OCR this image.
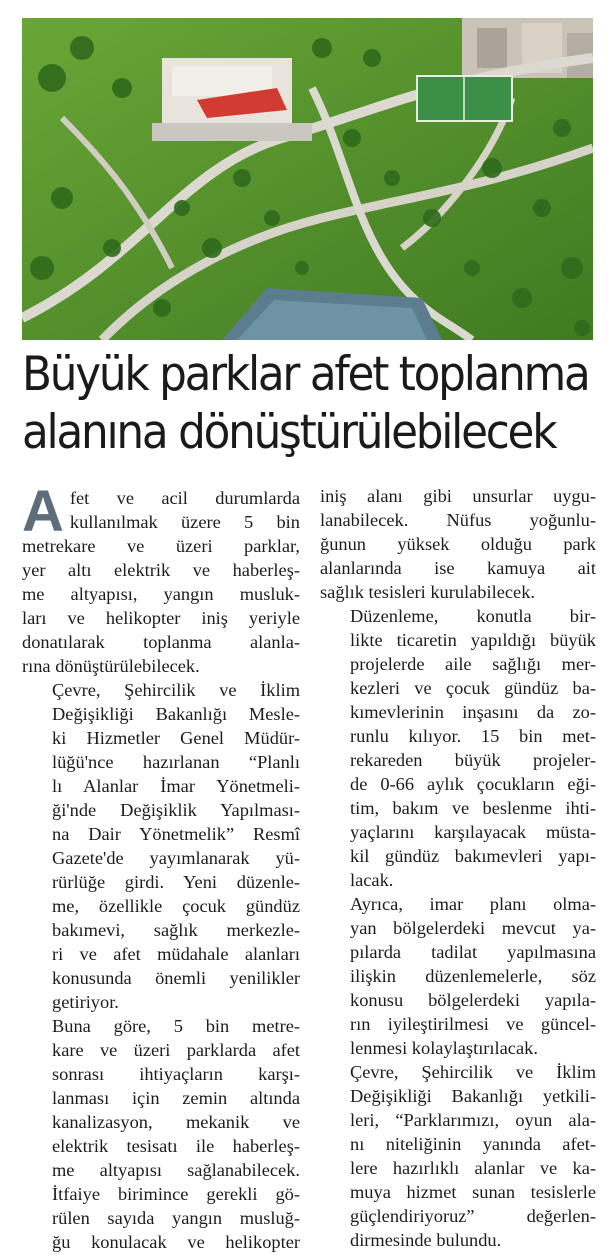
Büyük parklar afet toplanma
alanına dönüştürülebilecek

A fet ve acil durumlarda
kullanılmak üzere 5 bin
metrekare ve üzeri parklar,
yer altı elektrik ve haberleş-
me altyapısı, yangın musluk-
ları ve helikopter iniş yeriyle
donatılarak toplanma alanla-
rına dönüştürülebilecek.

Çevre, Şehircilik ve İklim
Değişikliği Bakanlığı Mesle-
ki Hizmetler Genel Müdür-
lüğü'nce hazırlanan “Planlı
lı Alanlar İmar Yönetmeli-
ği'nde Değişiklik Yapılması-
na Dair Yönetmelik” Resmî
Gazete'de yayımlanarak yü-
rürlüğe girdi. Yeni düzenle-
me, özellikle çocuk gündüz
bakımevi, sağlık merkezle-
ri ve afet müdahale alanları
konusunda önemli yenilikler
getiriyor.

Buna göre, 5 bin metre-
kare ve üzeri parklarda afet
sonrası ihtiyaçların karşı-
lanması için zemin altında
kanalizasyon, mekanik ve
elektrik tesisatı ile haberleş-
me altyapısı sağlanabilecek.
İtfaiye birimince gerekli gö-
rülen sayıda yangın musluğ-
ğu konulacak ve helikopter

iniş alanı gibi unsurlar uygu-
lanabilecek. Nüfus yoğunlu-
ğunun yüksek olduğu park
alanlarında ise kamuya ait
sağlık tesisleri kurulabilecek.

Düzenleme, konutla bir-
likte ticaretin yapıldığı büyük
projelerde aile sağlığı mer-
kezleri ve çocuk gündüz ba-
kımevlerinin inşasını da zo-
runlu kılıyor. 15 bin met-
rekareden büyük projeler-
de 0-66 aylık çocukların eği-
tim, bakım ve beslenme ihti-
yaçlarını karşılayacak müsta-
kil gündüz bakımevleri yapı-
lacak.

Ayrıca, imar planı olma-
yan bölgelerdeki mevcut ya-
pılarda tadilat yapılmasına
ilişkin düzenlemelerle, söz
konusu bölgelerdeki yapıla-
rın iyileştirilmesi ve güncel-
lenmesi kolaylaştırılacak.

Çevre, Şehircilik ve İklim
Değişikliği Bakanlığı yetkili-
leri, “Parklarımızı, oyun ala-
nı niteliğinin yanında afet-
lere hazırlıklı alanlar ve ka-
muya hizmet sunan tesislerle
güçlendiriyoruz” değerlen-
dirmesinde bulundu.
